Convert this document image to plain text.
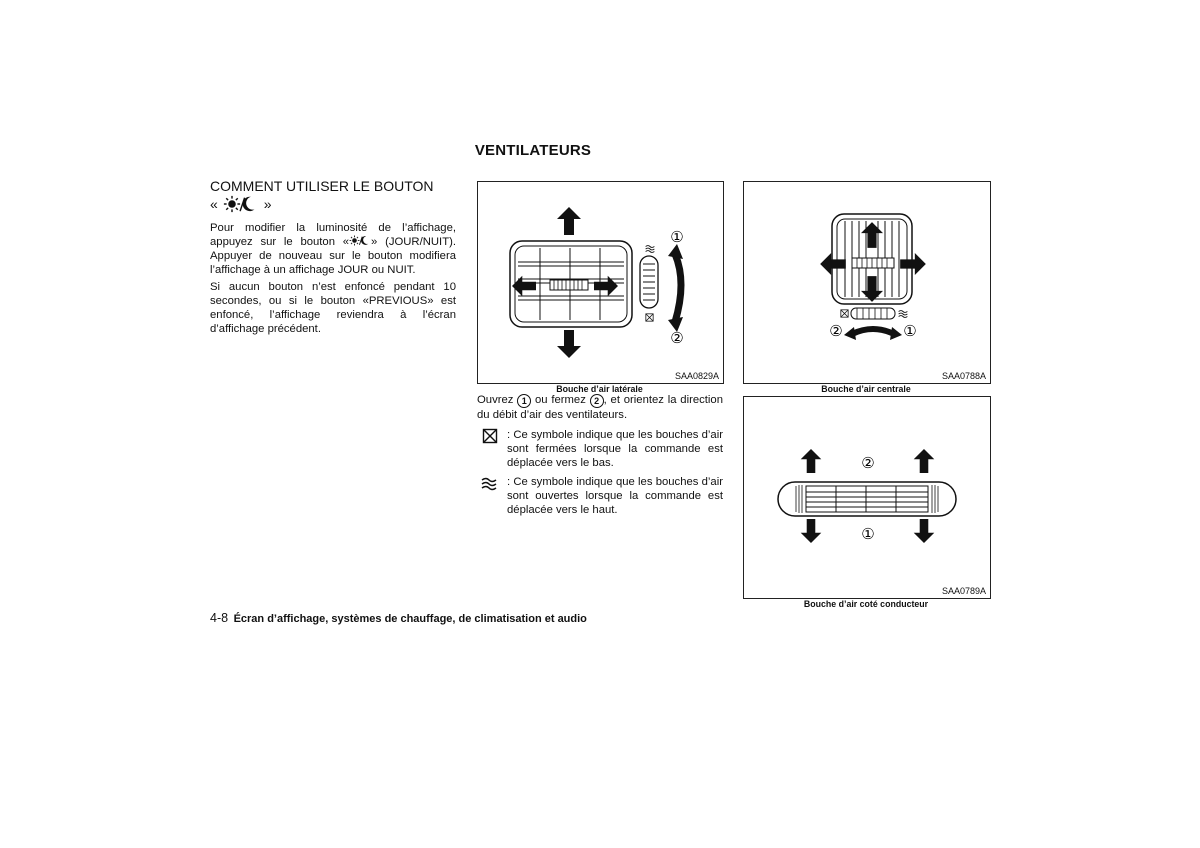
VENTILATEURS
COMMENT UTILISER LE BOUTON
«	»
Pour modifier la luminosité de l’affichage, appuyez sur le bouton « » (JOUR/NUIT). Appuyer de nouveau sur le bouton modifiera l’affichage à un affichage JOUR ou NUIT.
Si aucun bouton n’est enfoncé pendant 10 secondes, ou si le bouton «PREVIOUS» est enfoncé, l’affichage reviendra à l’écran d’affichage précédent.
①
②
SAA0829A
Bouche d’air latérale
②	①
SAA0788A
Bouche d’air centrale
Ouvrez 1 ou fermez 2 , et orientez la direction du débit d’air des ventilateurs.
: Ce symbole indique que les bouches d’air sont fermées lorsque la commande est déplacée vers le bas.
: Ce symbole indique que les bouches d’air sont ouvertes lorsque la commande est déplacée vers le haut.
②
①
SAA0789A
Bouche d’air coté conducteur
4-8 Écran d’affichage, systèmes de chauffage, de climatisation et audio
